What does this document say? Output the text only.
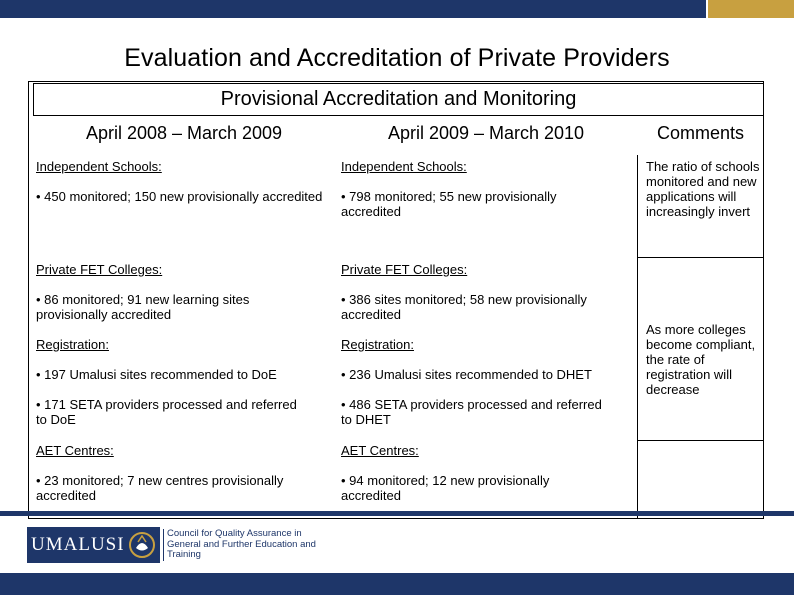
Evaluation and Accreditation of Private Providers
Provisional Accreditation and Monitoring
April 2008 – March 2009	April 2009 – March 2010	Comments
Independent Schools:
• 450 monitored; 150 new provisionally accredited
Independent Schools:
• 798 monitored; 55 new provisionally accredited
The ratio of schools monitored and new applications will increasingly invert
Private FET Colleges:
• 86 monitored; 91 new learning sites provisionally accredited
Registration:
• 197 Umalusi sites recommended to DoE
• 171 SETA providers processed and referred to DoE
Private FET Colleges:
• 386 sites monitored; 58 new provisionally accredited
Registration:
• 236 Umalusi sites recommended to DHET
• 486 SETA providers processed and referred to DHET
As more colleges become compliant, the rate of registration will decrease
AET Centres:
• 23 monitored; 7 new centres provisionally accredited
AET Centres:
• 94 monitored; 12 new provisionally accredited
UMALUSI
Council for Quality Assurance in
General and Further Education and Training
